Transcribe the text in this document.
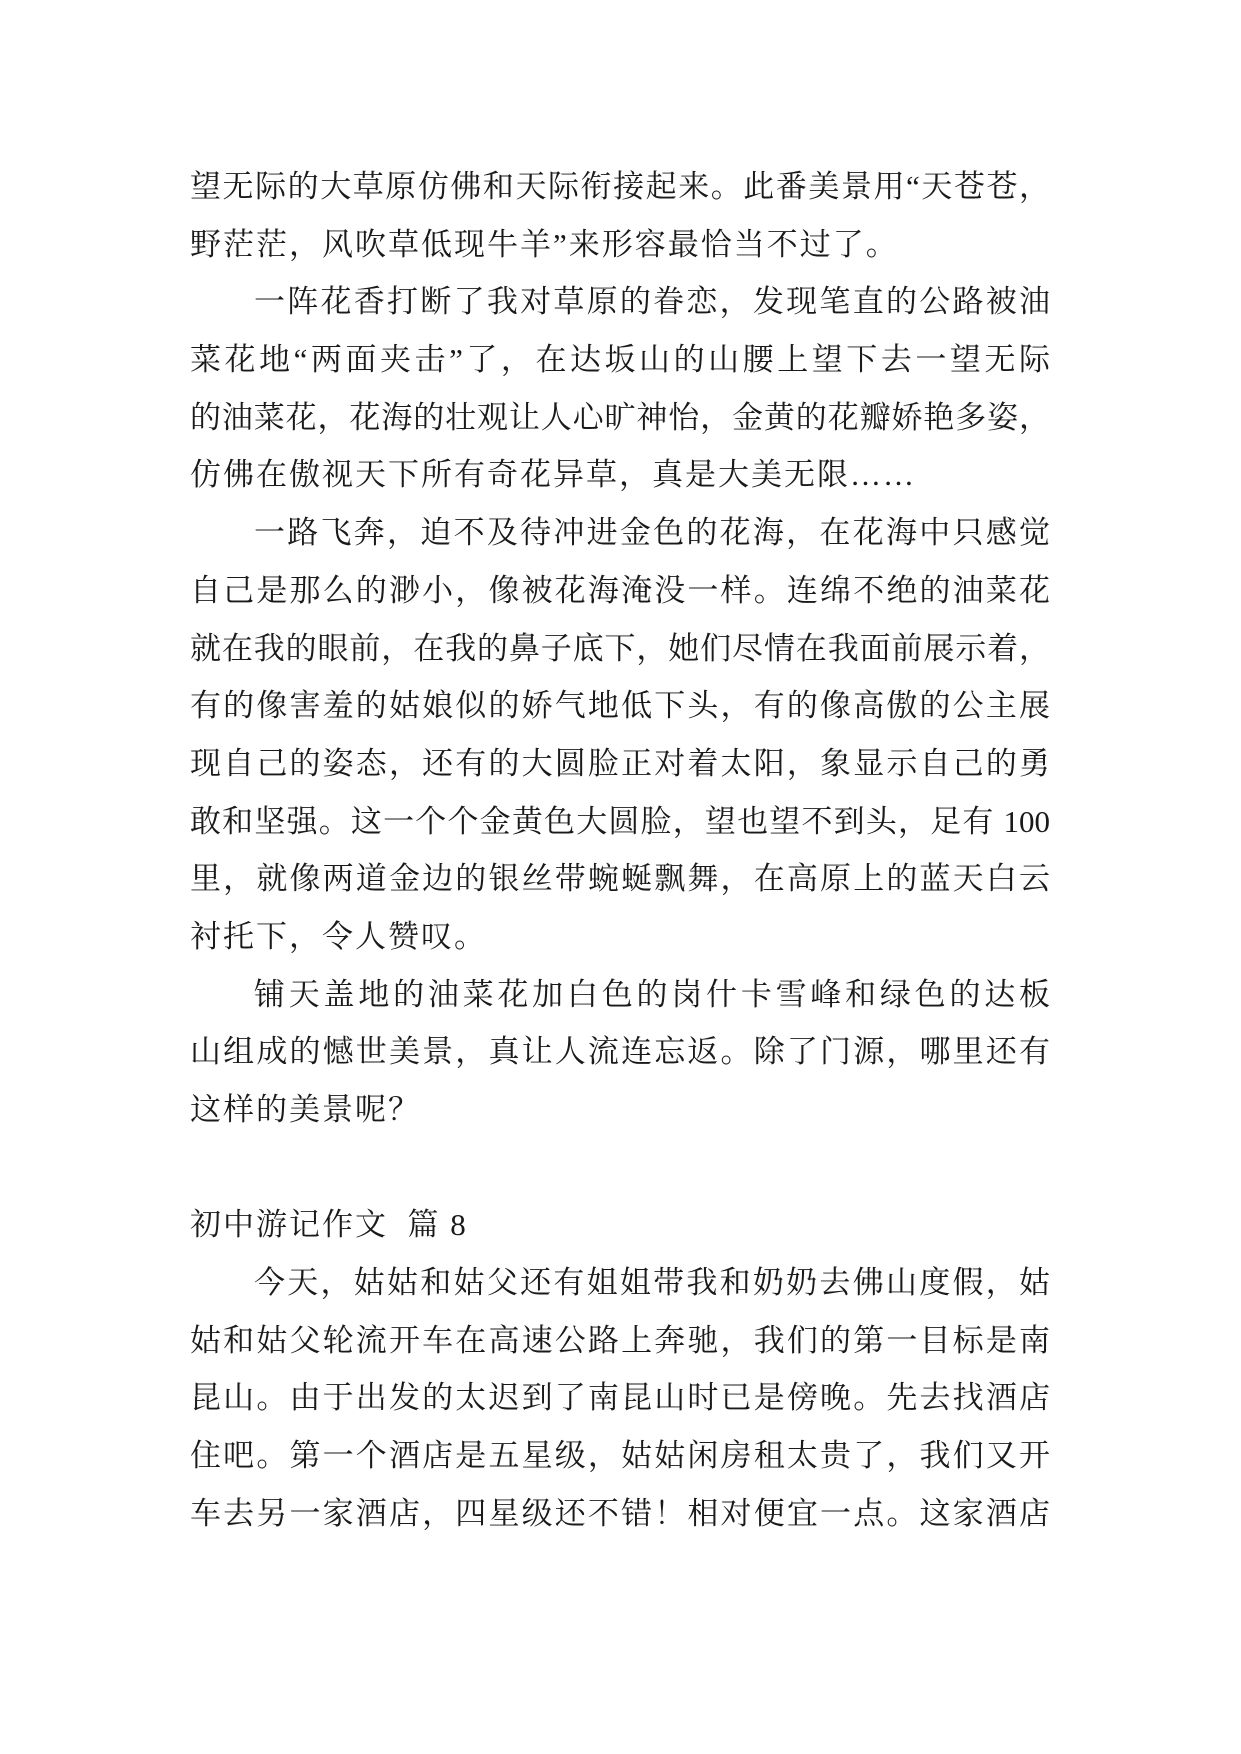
望无际的大草原仿佛和天际衔接起来。此番美景用“天苍苍，
野茫茫，风吹草低现牛羊”来形容最恰当不过了。
一阵花香打断了我对草原的眷恋，发现笔直的公路被油
菜花地“两面夹击”了，在达坂山的山腰上望下去一望无际
的油菜花，花海的壮观让人心旷神怡，金黄的花瓣娇艳多姿，
仿佛在傲视天下所有奇花异草，真是大美无限……
一路飞奔，迫不及待冲进金色的花海，在花海中只感觉
自己是那么的渺小，像被花海淹没一样。连绵不绝的油菜花
就在我的眼前，在我的鼻子底下，她们尽情在我面前展示着，
有的像害羞的姑娘似的娇气地低下头，有的像高傲的公主展
现自己的姿态，还有的大圆脸正对着太阳，象显示自己的勇
敢和坚强。这一个个金黄色大圆脸，望也望不到头，足有 100
里，就像两道金边的银丝带蜿蜒飘舞，在高原上的蓝天白云
衬托下，令人赞叹。
铺天盖地的油菜花加白色的岗什卡雪峰和绿色的达板
山组成的憾世美景，真让人流连忘返。除了门源，哪里还有
这样的美景呢？
初中游记作文  篇 8
今天，姑姑和姑父还有姐姐带我和奶奶去佛山度假，姑
姑和姑父轮流开车在高速公路上奔驰，我们的第一目标是南
昆山。由于出发的太迟到了南昆山时已是傍晚。先去找酒店
住吧。第一个酒店是五星级，姑姑闲房租太贵了，我们又开
车去另一家酒店，四星级还不错！相对便宜一点。这家酒店
